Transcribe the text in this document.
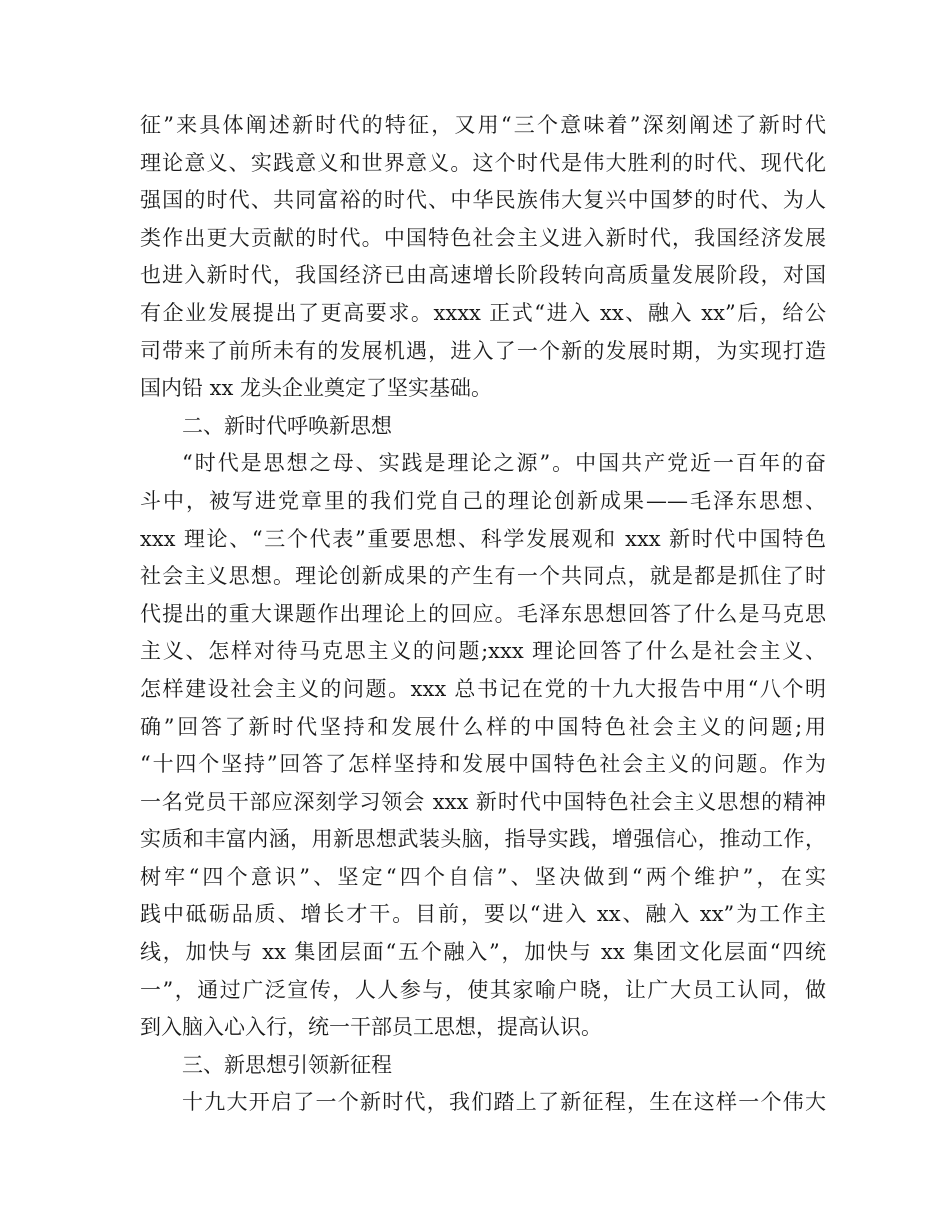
征”来具体阐述新时代的特征，又用“三个意味着”深刻阐述了新时代
理论意义、实践意义和世界意义。这个时代是伟大胜利的时代、现代化
强国的时代、共同富裕的时代、中华民族伟大复兴中国梦的时代、为人
类作出更大贡献的时代。中国特色社会主义进入新时代，我国经济发展
也进入新时代，我国经济已由高速增长阶段转向高质量发展阶段，对国
有企业发展提出了更高要求。xxxx 正式“进入 xx、融入 xx”后，给公
司带来了前所未有的发展机遇，进入了一个新的发展时期，为实现打造
国内铅 xx 龙头企业奠定了坚实基础。
二、新时代呼唤新思想
“时代是思想之母、实践是理论之源”。中国共产党近一百年的奋
斗中，被写进党章里的我们党自己的理论创新成果——毛泽东思想、
xxx 理论、“三个代表”重要思想、科学发展观和 xxx 新时代中国特色
社会主义思想。理论创新成果的产生有一个共同点，就是都是抓住了时
代提出的重大课题作出理论上的回应。毛泽东思想回答了什么是马克思
主义、怎样对待马克思主义的问题;xxx 理论回答了什么是社会主义、
怎样建设社会主义的问题。xxx 总书记在党的十九大报告中用“八个明
确”回答了新时代坚持和发展什么样的中国特色社会主义的问题;用
“十四个坚持”回答了怎样坚持和发展中国特色社会主义的问题。作为
一名党员干部应深刻学习领会 xxx 新时代中国特色社会主义思想的精神
实质和丰富内涵，用新思想武装头脑，指导实践，增强信心，推动工作，
树牢“四个意识”、坚定“四个自信”、坚决做到“两个维护”，在实
践中砥砺品质、增长才干。目前，要以“进入 xx、融入 xx”为工作主
线，加快与 xx 集团层面“五个融入”，加快与 xx 集团文化层面“四统
一”，通过广泛宣传，人人参与，使其家喻户晓，让广大员工认同，做
到入脑入心入行，统一干部员工思想，提高认识。
三、新思想引领新征程
十九大开启了一个新时代，我们踏上了新征程，生在这样一个伟大
